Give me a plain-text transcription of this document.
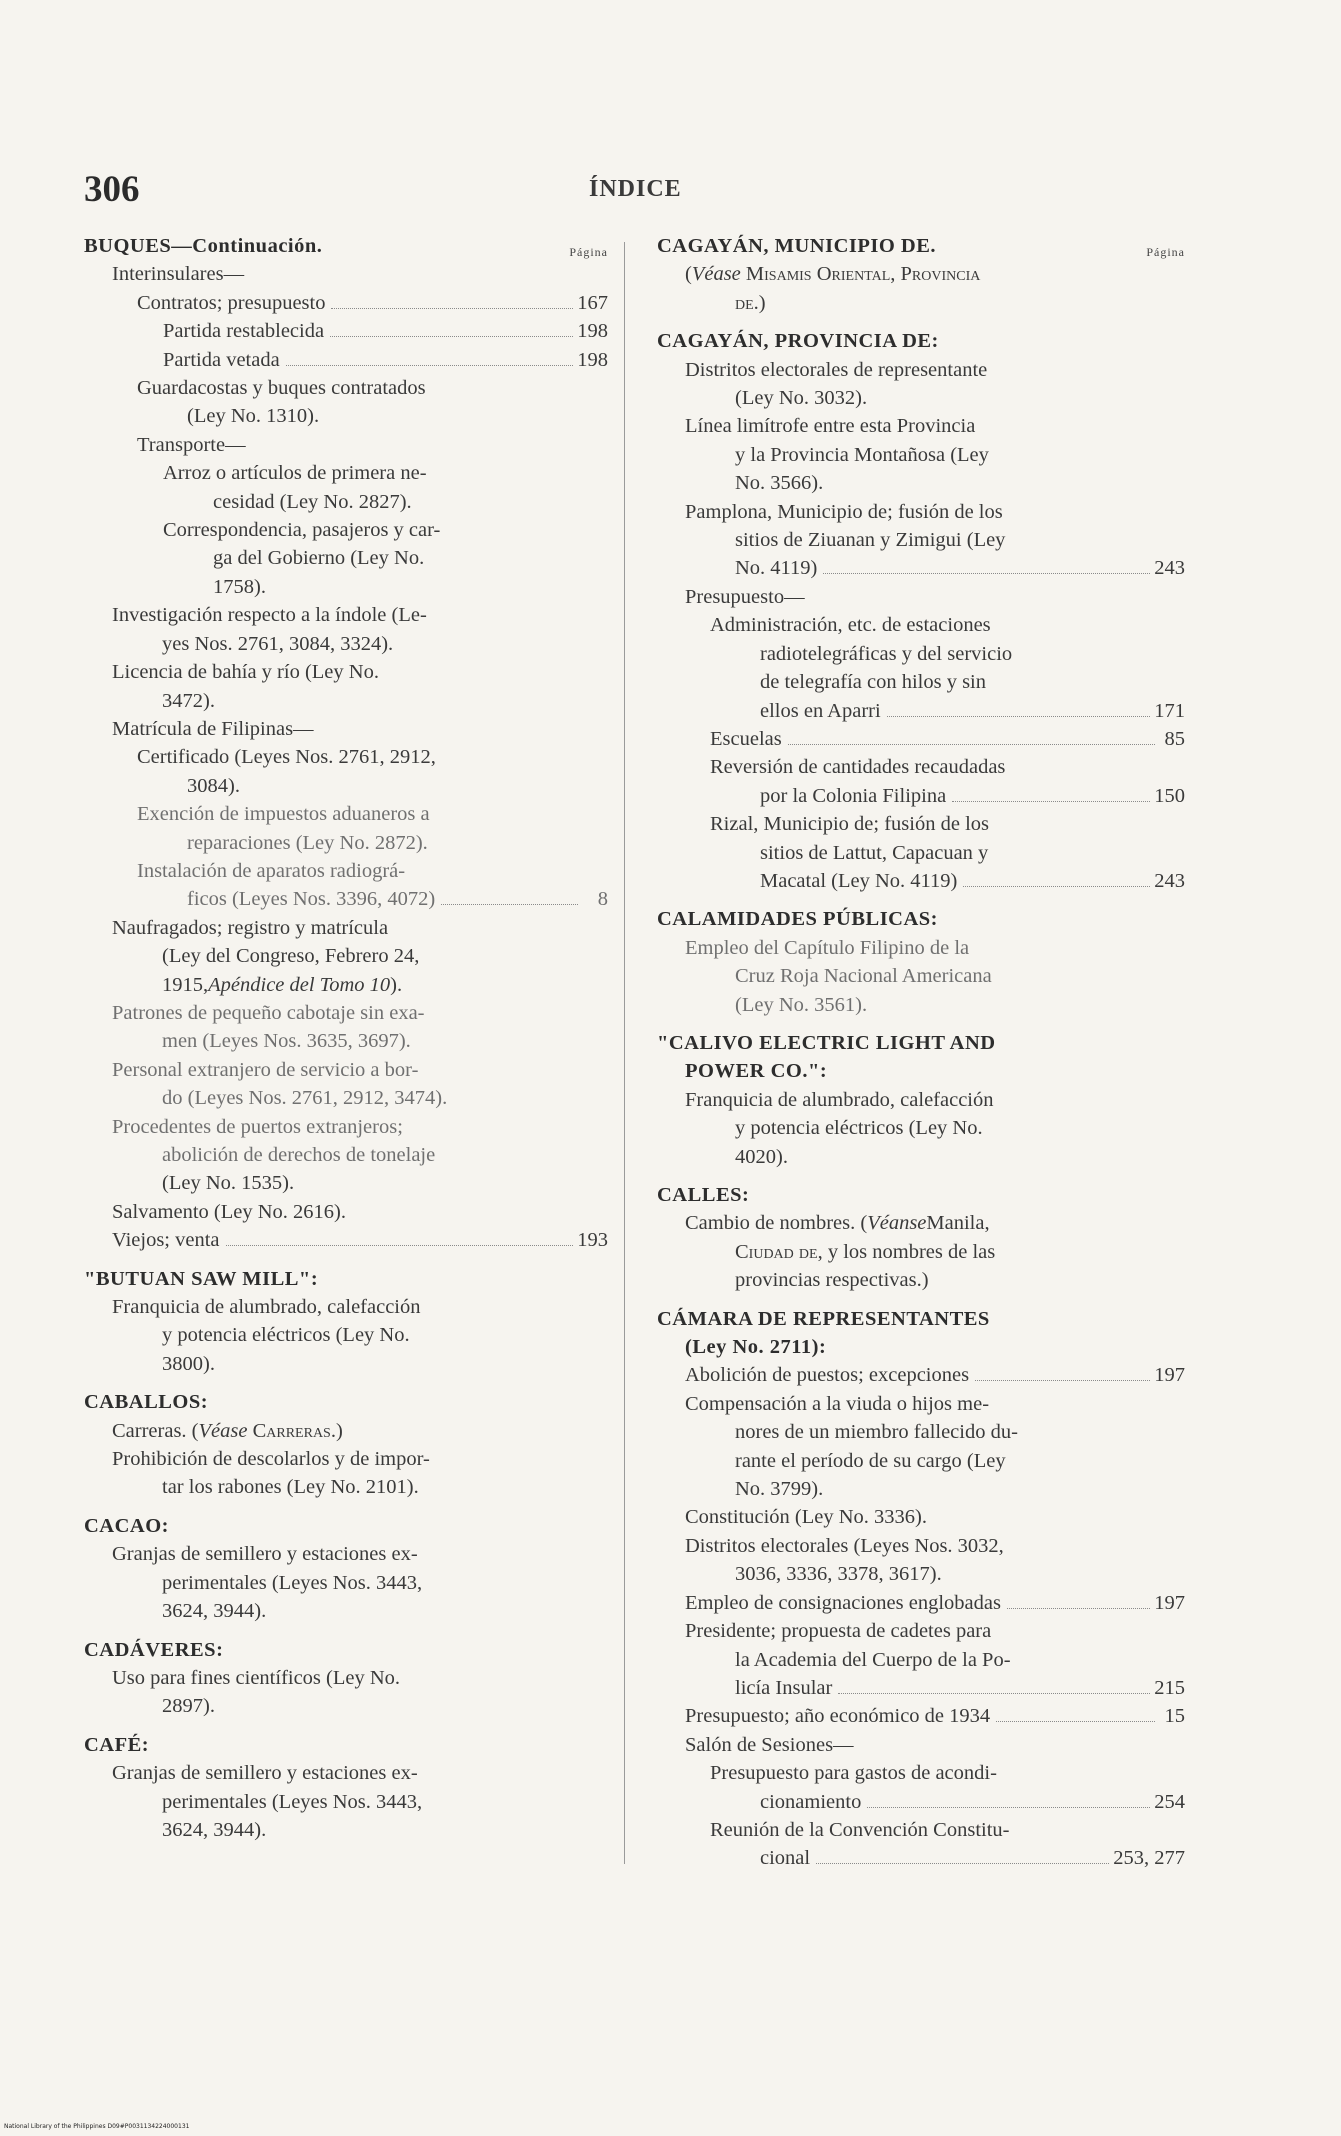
306	ÍNDICE
Página
BUQUES—Continuación.
Interinsulares—
Contratos; presupuesto	167
Partida restablecida	198
Partida vetada	198
Guardacostas y buques contratados
(Ley No. 1310).
Transporte—
Arroz o artículos de primera ne-
cesidad (Ley No. 2827).
Correspondencia, pasajeros y car-
ga del Gobierno (Ley No.
1758).
Investigación respecto a la índole (Le-
yes Nos. 2761, 3084, 3324).
Licencia de bahía y río (Ley No.
3472).
Matrícula de Filipinas—
Certificado (Leyes Nos. 2761, 2912,
3084).
Exención de impuestos aduaneros a
reparaciones (Ley No. 2872).
Instalación de aparatos radiográ-
ficos (Leyes Nos. 3396, 4072)	8
Naufragados; registro y matrícula
(Ley del Congreso, Febrero 24,
1915, Apéndice del Tomo 10 ).
Patrones de pequeño cabotaje sin exa-
men (Leyes Nos. 3635, 3697).
Personal extranjero de servicio a bor-
do (Leyes Nos. 2761, 2912, 3474).
Procedentes de puertos extranjeros;
abolición de derechos de tonelaje
(Ley No. 1535).
Salvamento (Ley No. 2616).
Viejos; venta	193
"BUTUAN SAW MILL":
Franquicia de alumbrado, calefacción
y potencia eléctricos (Ley No.
3800).
CABALLOS:
Carreras. ( Véase
Carreras .)
Prohibición de descolarlos y de impor-
tar los rabones (Ley No. 2101).
CACAO:
Granjas de semillero y estaciones ex-
perimentales (Leyes Nos. 3443,
3624, 3944).
CADÁVERES:
Uso para fines científicos (Ley No.
2897).
CAFÉ:
Granjas de semillero y estaciones ex-
perimentales (Leyes Nos. 3443,
3624, 3944).
Página
CAGAYÁN, MUNICIPIO DE.
( Véase
Misamis Oriental, Provincia
de.)
CAGAYÁN, PROVINCIA DE:
Distritos electorales de representante
(Ley No. 3032).
Línea limítrofe entre esta Provincia
y la Provincia Montañosa (Ley
No. 3566).
Pamplona, Municipio de; fusión de los
sitios de Ziuanan y Zimigui (Ley
No. 4119)	243
Presupuesto—
Administración, etc. de estaciones
radiotelegráficas y del servicio
de telegrafía con hilos y sin
ellos en Aparri	171
Escuelas	85
Reversión de cantidades recaudadas
por la Colonia Filipina	150
Rizal, Municipio de; fusión de los
sitios de Lattut, Capacuan y
Macatal (Ley No. 4119)	243
CALAMIDADES PÚBLICAS:
Empleo del Capítulo Filipino de la
Cruz Roja Nacional Americana
(Ley No. 3561).
"CALIVO ELECTRIC LIGHT AND
POWER CO.":
Franquicia de alumbrado, calefacción
y potencia eléctricos (Ley No.
4020).
CALLES:
Cambio de nombres. ( Véanse Manila,
Ciudad de , y los nombres de las
provincias respectivas.)
CÁMARA DE REPRESENTANTES
(Ley No. 2711):
Abolición de puestos; excepciones	197
Compensación a la viuda o hijos me-
nores de un miembro fallecido du-
rante el período de su cargo (Ley
No. 3799).
Constitución (Ley No. 3336).
Distritos electorales (Leyes Nos. 3032,
3036, 3336, 3378, 3617).
Empleo de consignaciones englobadas	197
Presidente; propuesta de cadetes para
la Academia del Cuerpo de la Po-
licía Insular	215
Presupuesto; año económico de 1934	15
Salón de Sesiones—
Presupuesto para gastos de acondi-
cionamiento	254
Reunión de la Convención Constitu-
cional	253, 277
National Library of the Philippines D09#P0031134224000131
